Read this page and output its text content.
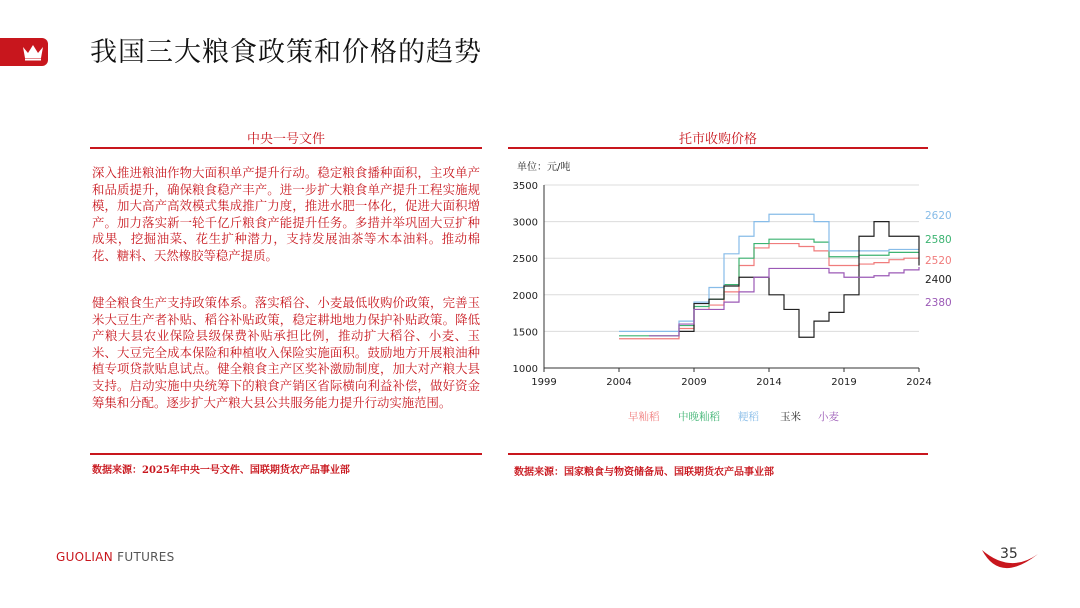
我国三大粮食政策和价格的趋势
中央一号文件
深入推进粮油作物大面积单产提升行动。稳定粮食播种面积，主攻单产和品质提升，确保粮食稳产丰产。进一步扩大粮食单产提升工程实施规模，加大高产高效模式集成推广力度，推进水肥一体化，促进大面积增产。加力落实新一轮千亿斤粮食产能提升任务。多措并举巩固大豆扩种成果，挖掘油菜、花生扩种潜力，支持发展油茶等木本油料。推动棉花、糖料、天然橡胶等稳产提质。
健全粮食生产支持政策体系。落实稻谷、小麦最低收购价政策，完善玉米大豆生产者补贴、稻谷补贴政策，稳定耕地地力保护补贴政策。降低产粮大县农业保险县级保费补贴承担比例，推动扩大稻谷、小麦、玉米、大豆完全成本保险和种植收入保险实施面积。鼓励地方开展粮油种植专项贷款贴息试点。健全粮食主产区奖补激励制度，加大对产粮大县支持。启动实施中央统筹下的粮食产销区省际横向利益补偿，做好资金筹集和分配。逐步扩大产粮大县公共服务能力提升行动实施范围。
数据来源：2025年中央一号文件、国联期货农产品事业部
托市收购价格
单位：元/吨
1000
1500
2000
2500
3000
3500
1999	2004	2009	2014	2019	2024
2620
2580
2520
2400
2380
早籼稻 中晚籼稻 粳稻 玉米 小麦
数据来源：国家粮食与物资储备局、国联期货农产品事业部
GUOLIAN FUTURES	35
